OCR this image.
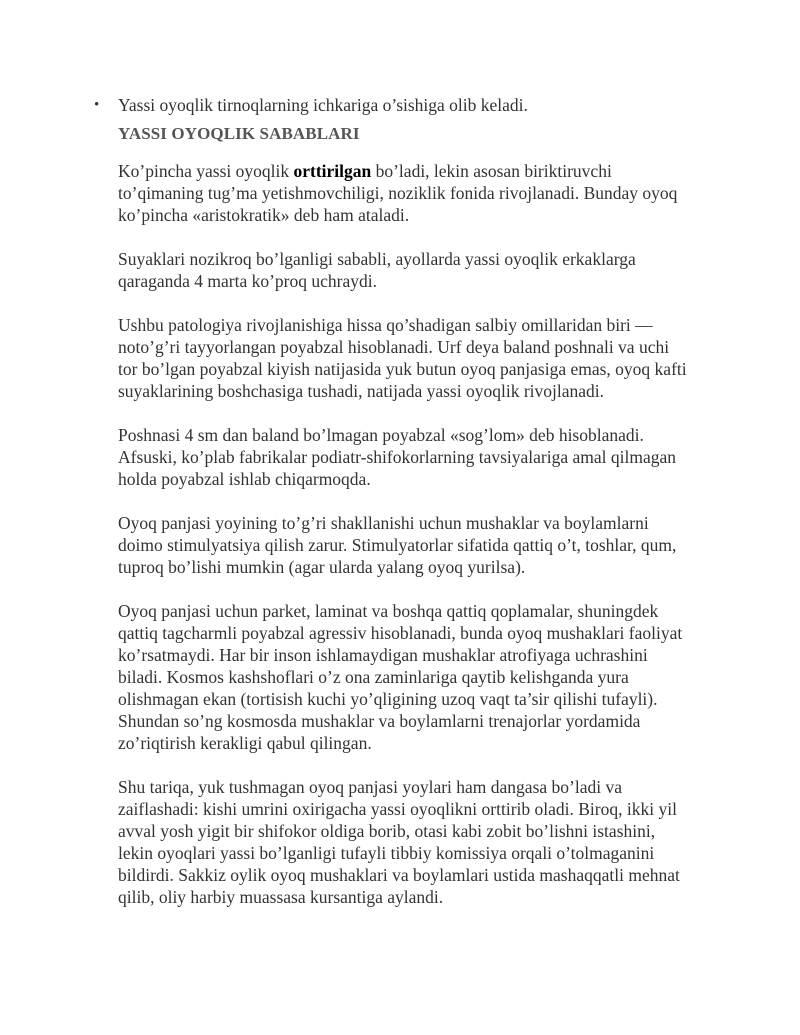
• Yassi oyoqlik tirnoqlarning ichkariga o’sishiga olib keladi.
YASSI OYOQLIK SABABLARI

Ko’pincha yassi oyoqlik orttirilgan bo’ladi, lekin asosan biriktiruvchi to’qimaning tug’ma yetishmovchiligi, noziklik fonida rivojlanadi. Bunday oyoq ko’pincha «aristokratik» deb ham ataladi.

Suyaklari nozikroq bo’lganligi sababli, ayollarda yassi oyoqlik erkaklarga qaraganda 4 marta ko’proq uchraydi.

Ushbu patologiya rivojlanishiga hissa qo’shadigan salbiy omillaridan biri — noto’g’ri tayyorlangan poyabzal hisoblanadi. Urf deya baland poshnali va uchi tor bo’lgan poyabzal kiyish natijasida yuk butun oyoq panjasiga emas, oyoq kafti suyaklarining boshchasiga tushadi, natijada yassi oyoqlik rivojlanadi.

Poshnasi 4 sm dan baland bo’lmagan poyabzal «sog’lom» deb hisoblanadi. Afsuski, ko’plab fabrikalar podiatr-shifokorlarning tavsiyalariga amal qilmagan holda poyabzal ishlab chiqarmoqda.

Oyoq panjasi yoyining to’g’ri shakllanishi uchun mushaklar va boylamlarni doimo stimulyatsiya qilish zarur. Stimulyatorlar sifatida qattiq o’t, toshlar, qum, tuproq bo’lishi mumkin (agar ularda yalang oyoq yurilsa).

Oyoq panjasi uchun parket, laminat va boshqa qattiq qoplamalar, shuningdek qattiq tagcharmli poyabzal agressiv hisoblanadi, bunda oyoq mushaklari faoliyat ko’rsatmaydi. Har bir inson ishlamaydigan mushaklar atrofiyaga uchrashini biladi. Kosmos kashshoflari o’z ona zaminlariga qaytib kelishganda yura olishmagan ekan (tortisish kuchi yo’qligining uzoq vaqt ta’sir qilishi tufayli). Shundan so’ng kosmosda mushaklar va boylamlarni trenajorlar yordamida zo’riqtirish kerakligi qabul qilingan.

Shu tariqa, yuk tushmagan oyoq panjasi yoylari ham dangasa bo’ladi va zaiflashadi: kishi umrini oxirigacha yassi oyoqlikni orttirib oladi. Biroq, ikki yil avval yosh yigit bir shifokor oldiga borib, otasi kabi zobit bo’lishni istashini, lekin oyoqlari yassi bo’lganligi tufayli tibbiy komissiya orqali o’tolmaganini bildirdi. Sakkiz oylik oyoq mushaklari va boylamlari ustida mashaqqatli mehnat qilib, oliy harbiy muassasa kursantiga aylandi.
